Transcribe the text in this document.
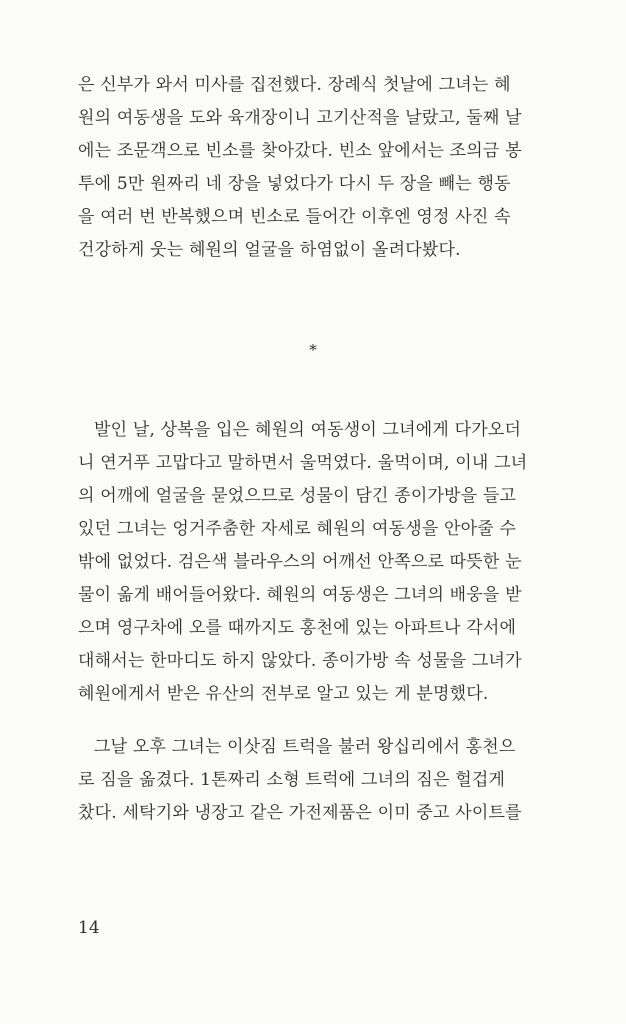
은 신부가 와서 미사를 집전했다. 장례식 첫날에 그녀는 혜
원의 여동생을 도와 육개장이니 고기산적을 날랐고, 둘째 날
에는 조문객으로 빈소를 찾아갔다. 빈소 앞에서는 조의금 봉
투에 5만 원짜리 네 장을 넣었다가 다시 두 장을 빼는 행동
을 여러 번 반복했으며 빈소로 들어간 이후엔 영정 사진 속
건강하게 웃는 혜원의 얼굴을 하염없이 올려다봤다.
*
발인 날, 상복을 입은 혜원의 여동생이 그녀에게 다가오더
니 연거푸 고맙다고 말하면서 울먹였다. 울먹이며, 이내 그녀
의 어깨에 얼굴을 묻었으므로 성물이 담긴 종이가방을 들고
있던 그녀는 엉거주춤한 자세로 혜원의 여동생을 안아줄 수
밖에 없었다. 검은색 블라우스의 어깨선 안쪽으로 따뜻한 눈
물이 옮게 배어들어왔다. 혜원의 여동생은 그녀의 배웅을 받
으며 영구차에 오를 때까지도 홍천에 있는 아파트나 각서에
대해서는 한마디도 하지 않았다. 종이가방 속 성물을 그녀가
혜원에게서 받은 유산의 전부로 알고 있는 게 분명했다.
그날 오후 그녀는 이삿짐 트럭을 불러 왕십리에서 홍천으
로 짐을 옮겼다. 1톤짜리 소형 트럭에 그녀의 짐은 헐겁게
찼다. 세탁기와 냉장고 같은 가전제품은 이미 중고 사이트를
14
